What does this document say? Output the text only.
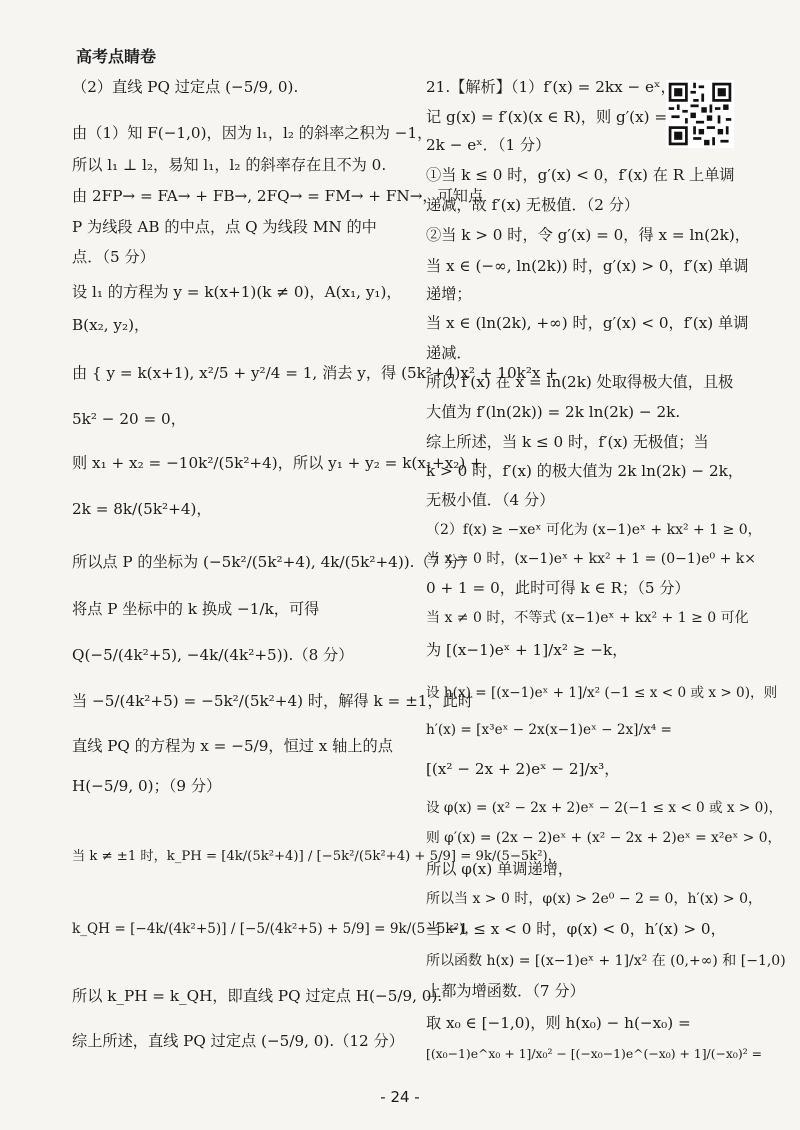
高考点睛卷
（2）直线 PQ 过定点 (−5/9, 0).
由（1）知 F(−1,0)，因为 l₁，l₂ 的斜率之积为 −1，
所以 l₁ ⊥ l₂，易知 l₁，l₂ 的斜率存在且不为 0.
由 2FP→ = FA→ + FB→, 2FQ→ = FM→ + FN→，可知点
P 为线段 AB 的中点，点 Q 为线段 MN 的中
点．（5 分）
设 l₁ 的方程为 y = k(x+1)(k ≠ 0)，A(x₁, y₁)，
B(x₂, y₂)，
由 { y = k(x+1), x²/5 + y²/4 = 1, 消去 y，得 (5k²+4)x² + 10k²x +
5k² − 20 = 0，
则 x₁ + x₂ = −10k²/(5k²+4)，所以 y₁ + y₂ = k(x₁+x₂) +
2k = 8k/(5k²+4)，
所以点 P 的坐标为 (−5k²/(5k²+4), 4k/(5k²+4)).（7 分）
将点 P 坐标中的 k 换成 −1/k，可得
Q(−5/(4k²+5), −4k/(4k²+5)).（8 分）
当 −5/(4k²+5) = −5k²/(5k²+4) 时，解得 k = ±1，此时
直线 PQ 的方程为 x = −5/9，恒过 x 轴上的点
H(−5/9, 0)；（9 分）
当 k ≠ ±1 时，k_PH = [4k/(5k²+4)] / [−5k²/(5k²+4) + 5/9] = 9k/(5−5k²)，
k_QH = [−4k/(4k²+5)] / [−5/(4k²+5) + 5/9] = 9k/(5−5k²)，
所以 k_PH = k_QH，即直线 PQ 过定点 H(−5/9, 0).
综上所述，直线 PQ 过定点 (−5/9, 0).（12 分）
21.【解析】（1）f′(x) = 2kx − eˣ，
记 g(x) = f′(x)(x ∈ R)，则 g′(x) =
2k − eˣ．（1 分）
①当 k ≤ 0 时，g′(x) < 0，f′(x) 在 R 上单调
递减，故 f′(x) 无极值．（2 分）
②当 k > 0 时，令 g′(x) = 0，得 x = ln(2k)，
当 x ∈ (−∞, ln(2k)) 时，g′(x) > 0，f′(x) 单调
递增；
当 x ∈ (ln(2k), +∞) 时，g′(x) < 0，f′(x) 单调
递减．
所以 f′(x) 在 x = ln(2k) 处取得极大值，且极
大值为 f′(ln(2k)) = 2k ln(2k) − 2k.
综上所述，当 k ≤ 0 时，f′(x) 无极值；当
k > 0 时，f′(x) 的极大值为 2k ln(2k) − 2k，
无极小值．（4 分）
（2）f(x) ≥ −xeˣ 可化为 (x−1)eˣ + kx² + 1 ≥ 0，
当 x = 0 时，(x−1)eˣ + kx² + 1 = (0−1)e⁰ + k×
0 + 1 = 0，此时可得 k ∈ R；（5 分）
当 x ≠ 0 时，不等式 (x−1)eˣ + kx² + 1 ≥ 0 可化
为 [(x−1)eˣ + 1]/x² ≥ −k，
设 h(x) = [(x−1)eˣ + 1]/x² (−1 ≤ x < 0 或 x > 0)，则
h′(x) = [x³eˣ − 2x(x−1)eˣ − 2x]/x⁴ =
[(x² − 2x + 2)eˣ − 2]/x³，
设 φ(x) = (x² − 2x + 2)eˣ − 2(−1 ≤ x < 0 或 x > 0)，
则 φ′(x) = (2x − 2)eˣ + (x² − 2x + 2)eˣ = x²eˣ > 0，
所以 φ(x) 单调递增，
所以当 x > 0 时，φ(x) > 2e⁰ − 2 = 0，h′(x) > 0，
当 −1 ≤ x < 0 时，φ(x) < 0，h′(x) > 0，
所以函数 h(x) = [(x−1)eˣ + 1]/x² 在 (0,+∞) 和 [−1,0)
上都为增函数．（7 分）
取 x₀ ∈ [−1,0)，则 h(x₀) − h(−x₀) =
[(x₀−1)e^x₀ + 1]/x₀² − [(−x₀−1)e^(−x₀) + 1]/(−x₀)² =
- 24 -
